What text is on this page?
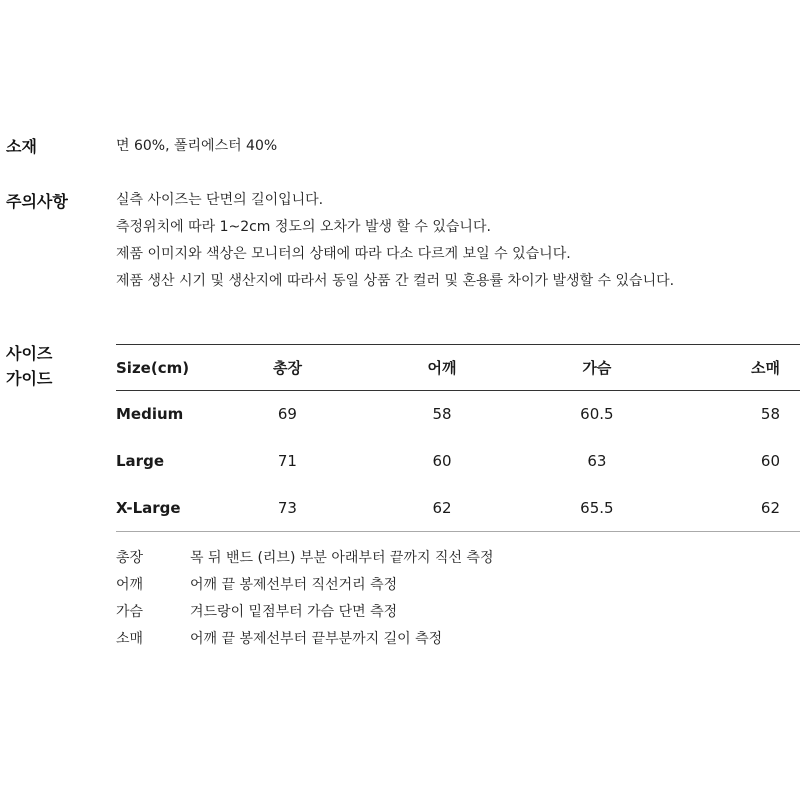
소재	면 60%, 폴리에스터 40%
주의사항	실측 사이즈는 단면의 길이입니다.
측정위치에 따라 1~2cm 정도의 오차가 발생 할 수 있습니다.
제품 이미지와 색상은 모니터의 상태에 따라 다소 다르게 보일 수 있습니다.
제품 생산 시기 및 생산지에 따라서 동일 상품 간 컬러 및 혼용률 차이가 발생할 수 있습니다.
사이즈
가이드
Size(cm)	총장	어깨	가슴	소매
Medium	69	58	60.5	58
Large	71	60	63	60
X-Large	73	62	65.5	62
총장	목 뒤 밴드 (리브) 부분 아래부터 끝까지 직선 측정
어깨	어깨 끝 봉제선부터 직선거리 측정
가슴	겨드랑이 밑점부터 가슴 단면 측정
소매	어깨 끝 봉제선부터 끝부분까지 길이 측정
